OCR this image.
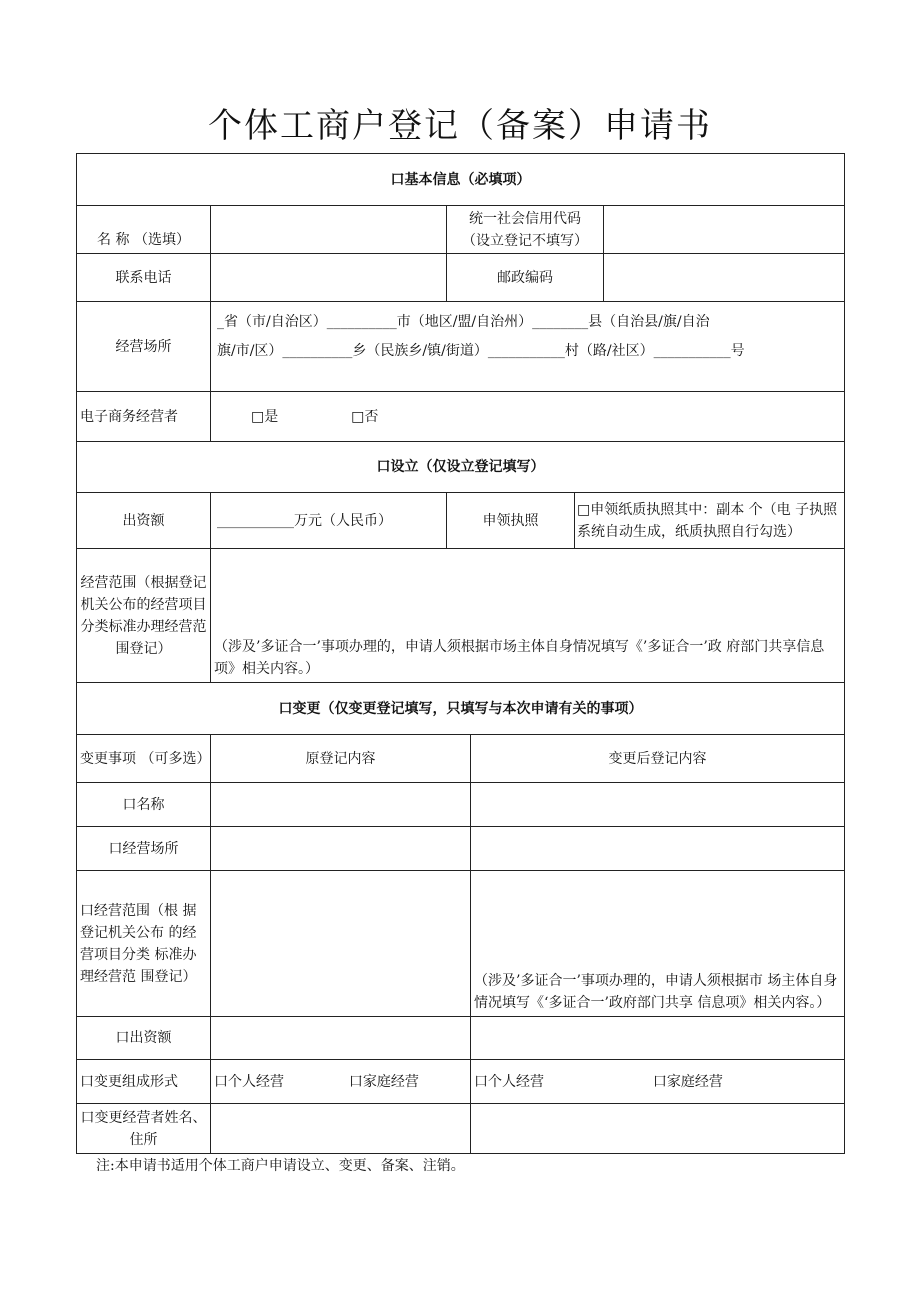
个体工商户登记（备案）申请书
口基本信息（必填项）					
名 称 （选填）		统一社会信用代码
（设立登记不填写）			

联系电话		邮政编码			
经营场所	_省（市/自治区）__________巿（地区/盟/自治州）________县（自治县/旗/自治
旗/市/区）__________乡（民族乡/镇/街道）___________村（路/社区）___________号				

电子商务经营者	□是 □否				
口设立（仅设立登记填写）					
出资额	___________万元（人民币）	申领执照		□申领纸质执照其中：副本 个（电 子执照系统自动生成，纸质执照自行勾选）	
经营范围（根据登记机关公布的经营项目 分类标准办理经营范围登记）	（涉及’多证合一’事项办理的，申请人须根据市场主体自身情况填写《’多证合一’政 府部门共享信息项》相关内容。）				
口变更（仅变更登记填写，只填写与本次申请有关的事项）					
变更事项 （可多选）	原登记内容		变更后登记内容		
口名称					
口经营场所					
口经营范围（根 据登记机关公布 的经营项目分类 标准办理经营范 围登记）			（涉及’多证合一’事项办理的，申请人须根据市 场主体自身情况填写《‘多证合一’政府部门共享 信息项》相关内容。）		
口出资额					
口变更组成形式	口个人经营 口家庭经营		口个人经营 口家庭经营		
口变更经营者姓名、住所					
注:本申请书适用个体工商户申请设立、变更、备案、注销。
